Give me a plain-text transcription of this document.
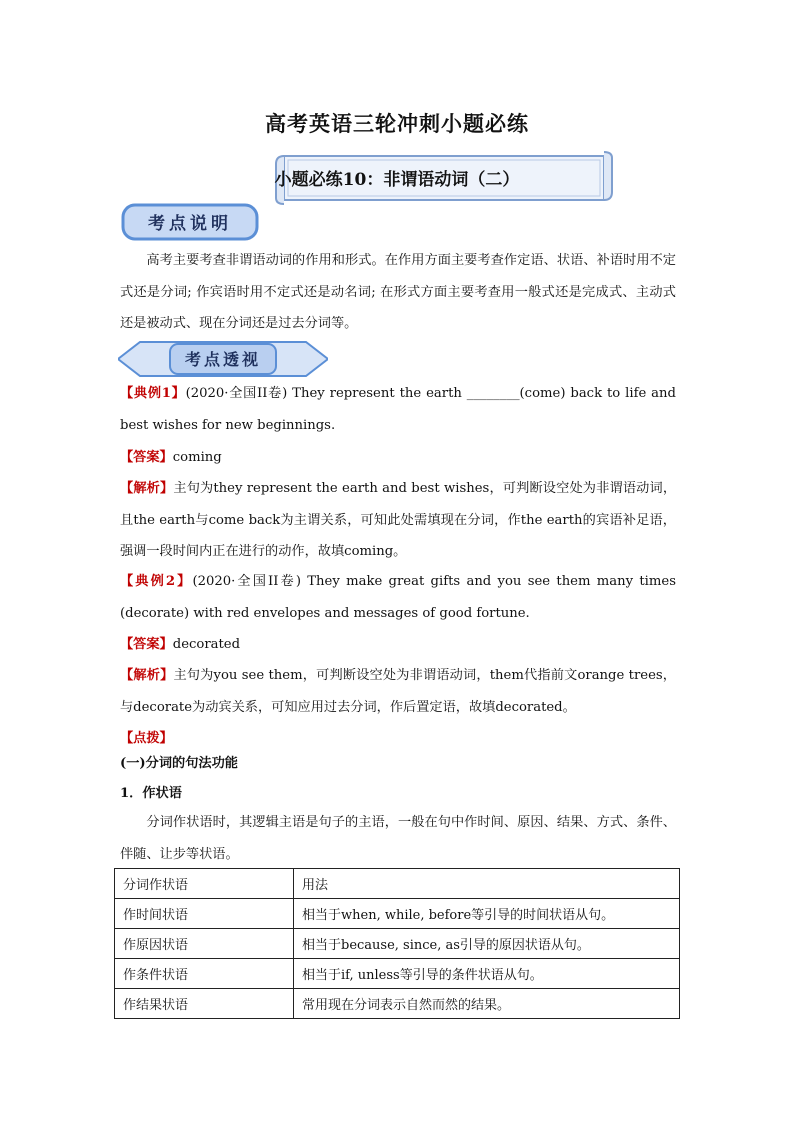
高考英语三轮冲刺小题必练
小题必练10：非谓语动词（二）
考点说明
高考主要考查非谓语动词的作用和形式。在作用方面主要考查作定语、状语、补语时用不定式还是分词; 作宾语时用不定式还是动名词; 在形式方面主要考查用一般式还是完成式、主动式还是被动式、现在分词还是过去分词等。
考点透视
【典例1】(2020·全国II卷) They represent the earth ________(come) back to life and best wishes for new beginnings.
【答案】coming
【解析】主句为they represent the earth and best wishes，可判断设空处为非谓语动词，且the earth与come back为主谓关系，可知此处需填现在分词，作the earth的宾语补足语，强调一段时间内正在进行的动作，故填coming。
【典例2】(2020·全国II卷) They make great gifts and you see them many times (decorate) with red envelopes and messages of good fortune.
【答案】decorated
【解析】主句为you see them，可判断设空处为非谓语动词，them代指前文orange trees，与decorate为动宾关系，可知应用过去分词，作后置定语，故填decorated。
【点拨】
(一)分词的句法功能
1．作状语
分词作状语时，其逻辑主语是句子的主语，一般在句中作时间、原因、结果、方式、条件、伴随、让步等状语。
分词作状语	用法
作时间状语	相当于when, while, before等引导的时间状语从句。
作原因状语	相当于because, since, as引导的原因状语从句。
作条件状语	相当于if, unless等引导的条件状语从句。
作结果状语	常用现在分词表示自然而然的结果。
